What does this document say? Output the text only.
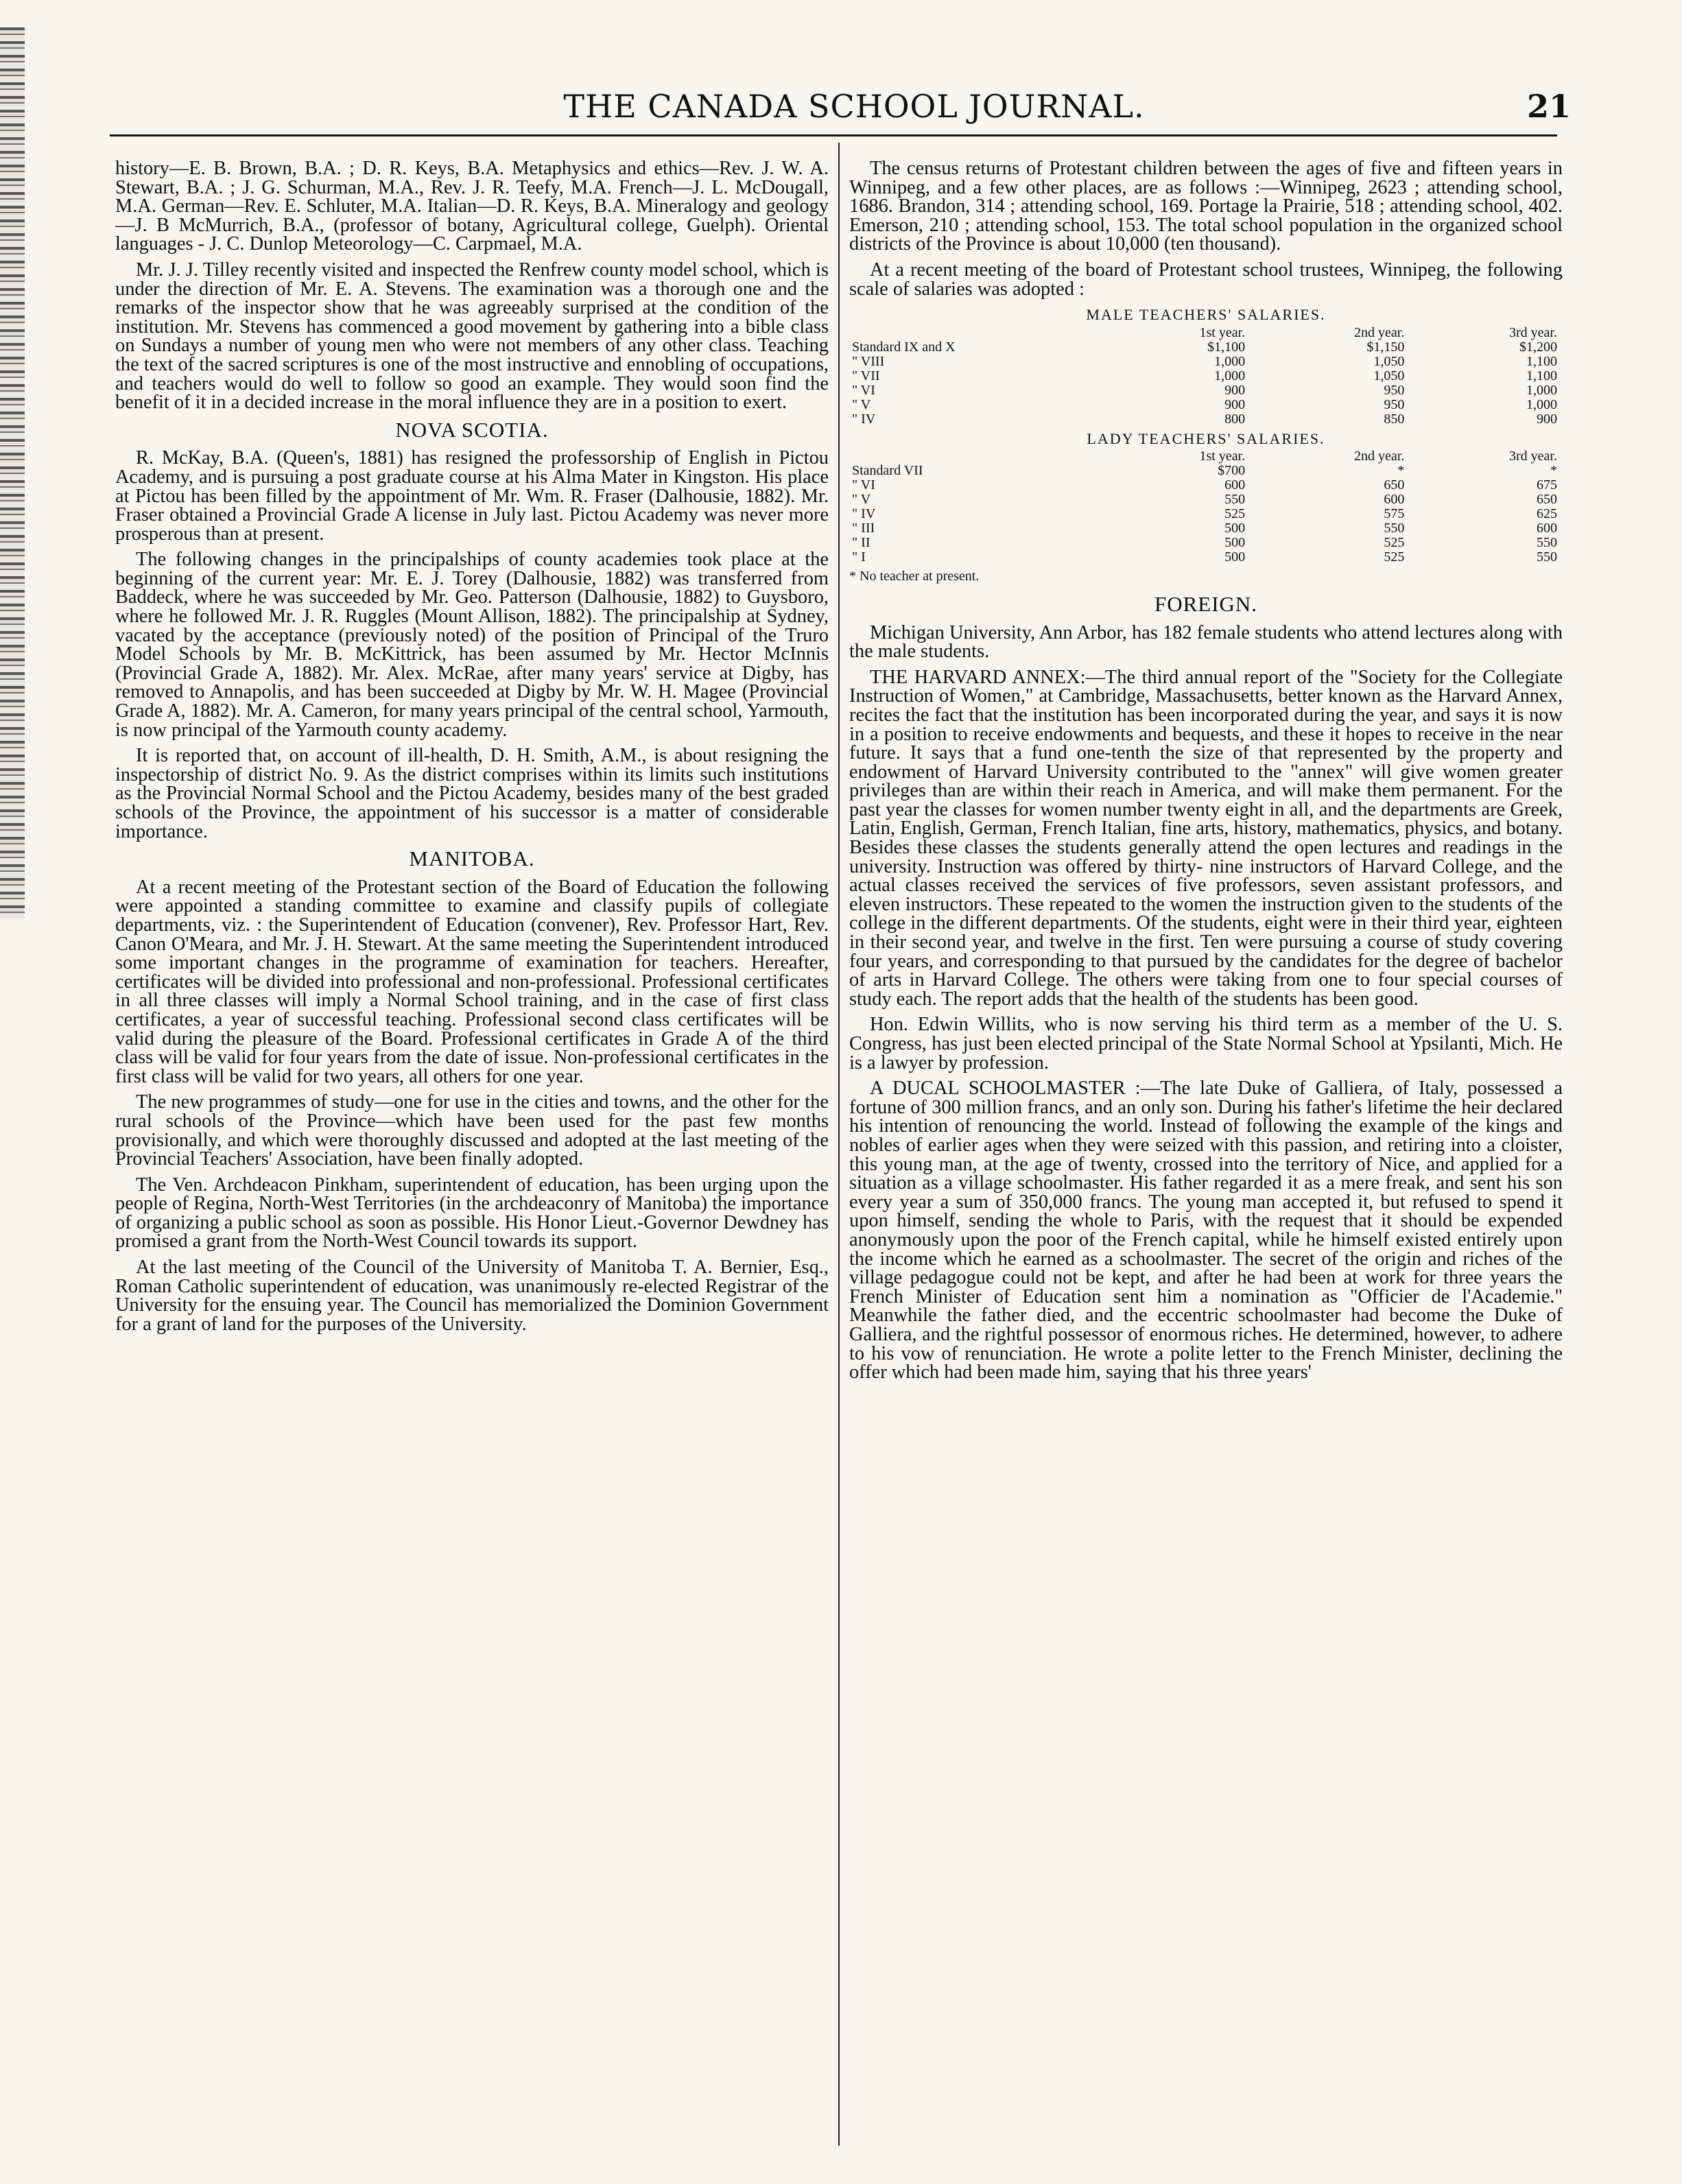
THE CANADA SCHOOL JOURNAL.	21

history—E. B. Brown, B.A. ; D. R. Keys, B.A. Metaphysics and ethics—Rev. J. W. A. Stewart, B.A. ; J. G. Schurman, M.A., Rev. J. R. Teefy, M.A. French—J. L. McDougall, M.A. German—Rev. E. Schluter, M.A. Italian—D. R. Keys, B.A. Mineralogy and geology—J. B McMurrich, B.A., (professor of botany, Agricultural college, Guelph). Oriental languages - J. C. Dunlop Meteorology—C. Carpmael, M.A.

Mr. J. J. Tilley recently visited and inspected the Renfrew county model school, which is under the direction of Mr. E. A. Stevens. The examination was a thorough one and the remarks of the inspector show that he was agreeably surprised at the condition of the institution. Mr. Stevens has commenced a good movement by gathering into a bible class on Sundays a number of young men who were not members of any other class. Teaching the text of the sacred scriptures is one of the most instructive and ennobling of occupations, and teachers would do well to follow so good an example. They would soon find the benefit of it in a decided increase in the moral influence they are in a position to exert.

NOVA SCOTIA.

R. McKay, B.A. (Queen's, 1881) has resigned the professorship of English in Pictou Academy, and is pursuing a post graduate course at his Alma Mater in Kingston. His place at Pictou has been filled by the appointment of Mr. Wm. R. Fraser (Dalhousie, 1882). Mr. Fraser obtained a Provincial Grade A license in July last. Pictou Academy was never more prosperous than at present.

The following changes in the principalships of county academies took place at the beginning of the current year: Mr. E. J. Torey (Dalhousie, 1882) was transferred from Baddeck, where he was succeeded by Mr. Geo. Patterson (Dalhousie, 1882) to Guysboro, where he followed Mr. J. R. Ruggles (Mount Allison, 1882). The principalship at Sydney, vacated by the acceptance (previously noted) of the position of Principal of the Truro Model Schools by Mr. B. McKittrick, has been assumed by Mr. Hector McInnis (Provincial Grade A, 1882). Mr. Alex. McRae, after many years' service at Digby, has removed to Annapolis, and has been succeeded at Digby by Mr. W. H. Magee (Provincial Grade A, 1882). Mr. A. Cameron, for many years principal of the central school, Yarmouth, is now principal of the Yarmouth county academy.

It is reported that, on account of ill-health, D. H. Smith, A.M., is about resigning the inspectorship of district No. 9. As the district comprises within its limits such institutions as the Provincial Normal School and the Pictou Academy, besides many of the best graded schools of the Province, the appointment of his successor is a matter of considerable importance.

MANITOBA.

At a recent meeting of the Protestant section of the Board of Education the following were appointed a standing committee to examine and classify pupils of collegiate departments, viz. : the Superintendent of Education (convener), Rev. Professor Hart, Rev. Canon O'Meara, and Mr. J. H. Stewart. At the same meeting the Superintendent introduced some important changes in the programme of examination for teachers. Hereafter, certificates will be divided into professional and non-professional. Professional certificates in all three classes will imply a Normal School training, and in the case of first class certificates, a year of successful teaching. Professional second class certificates will be valid during the pleasure of the Board. Professional certificates in Grade A of the third class will be valid for four years from the date of issue. Non-professional certificates in the first class will be valid for two years, all others for one year.

The new programmes of study—one for use in the cities and towns, and the other for the rural schools of the Province—which have been used for the past few months provisionally, and which were thoroughly discussed and adopted at the last meeting of the Provincial Teachers' Association, have been finally adopted.

The Ven. Archdeacon Pinkham, superintendent of education, has been urging upon the people of Regina, North-West Territories (in the archdeaconry of Manitoba) the importance of organizing a public school as soon as possible. His Honor Lieut.-Governor Dewdney has promised a grant from the North-West Council towards its support.

At the last meeting of the Council of the University of Manitoba T. A. Bernier, Esq., Roman Catholic superintendent of education, was unanimously re-elected Registrar of the University for the ensuing year. The Council has memorialized the Dominion Government for a grant of land for the purposes of the University.

The census returns of Protestant children between the ages of five and fifteen years in Winnipeg, and a few other places, are as follows :—Winnipeg, 2623 ; attending school, 1686. Brandon, 314 ; attending school, 169. Portage la Prairie, 518 ; attending school, 402. Emerson, 210 ; attending school, 153. The total school population in the organized school districts of the Province is about 10,000 (ten thousand).

At a recent meeting of the board of Protestant school trustees, Winnipeg, the following scale of salaries was adopted :

MALE TEACHERS' SALARIES.
	1st year.	2nd year.	3rd year.
Standard IX and X	$1,100	$1,150	$1,200
" VIII	1,000	1,050	1,100
" VII	1,000	1,050	1,100
" VI	900	950	1,000
" V	900	950	1,000
" IV	800	850	900
LADY TEACHERS' SALARIES.
	1st year.	2nd year.	3rd year.
Standard VII	$700	*	*
" VI	600	650	675
" V	550	600	650
" IV	525	575	625
" III	500	550	600
" II	500	525	550
" I	500	525	550
* No teacher at present.
FOREIGN.

Michigan University, Ann Arbor, has 182 female students who attend lectures along with the male students.

THE HARVARD ANNEX:—The third annual report of the "Society for the Collegiate Instruction of Women," at Cambridge, Massachusetts, better known as the Harvard Annex, recites the fact that the institution has been incorporated during the year, and says it is now in a position to receive endowments and bequests, and these it hopes to receive in the near future. It says that a fund one-tenth the size of that represented by the property and endowment of Harvard University contributed to the "annex" will give women greater privileges than are within their reach in America, and will make them permanent. For the past year the classes for women number twenty eight in all, and the departments are Greek, Latin, English, German, French Italian, fine arts, history, mathematics, physics, and botany. Besides these classes the students generally attend the open lectures and readings in the university. Instruction was offered by thirty- nine instructors of Harvard College, and the actual classes received the services of five professors, seven assistant professors, and eleven instructors. These repeated to the women the instruction given to the students of the college in the different departments. Of the students, eight were in their third year, eighteen in their second year, and twelve in the first. Ten were pursuing a course of study covering four years, and corresponding to that pursued by the candidates for the degree of bachelor of arts in Harvard College. The others were taking from one to four special courses of study each. The report adds that the health of the students has been good.

Hon. Edwin Willits, who is now serving his third term as a member of the U. S. Congress, has just been elected principal of the State Normal School at Ypsilanti, Mich. He is a lawyer by profession.

A DUCAL SCHOOLMASTER :—The late Duke of Galliera, of Italy, possessed a fortune of 300 million francs, and an only son. During his father's lifetime the heir declared his intention of renouncing the world. Instead of following the example of the kings and nobles of earlier ages when they were seized with this passion, and retiring into a cloister, this young man, at the age of twenty, crossed into the territory of Nice, and applied for a situation as a village schoolmaster. His father regarded it as a mere freak, and sent his son every year a sum of 350,000 francs. The young man accepted it, but refused to spend it upon himself, sending the whole to Paris, with the request that it should be expended anonymously upon the poor of the French capital, while he himself existed entirely upon the income which he earned as a schoolmaster. The secret of the origin and riches of the village pedagogue could not be kept, and after he had been at work for three years the French Minister of Education sent him a nomination as "Officier de l'Academie." Meanwhile the father died, and the eccentric schoolmaster had become the Duke of Galliera, and the rightful possessor of enormous riches. He determined, however, to adhere to his vow of renunciation. He wrote a polite letter to the French Minister, declining the offer which had been made him, saying that his three years'
